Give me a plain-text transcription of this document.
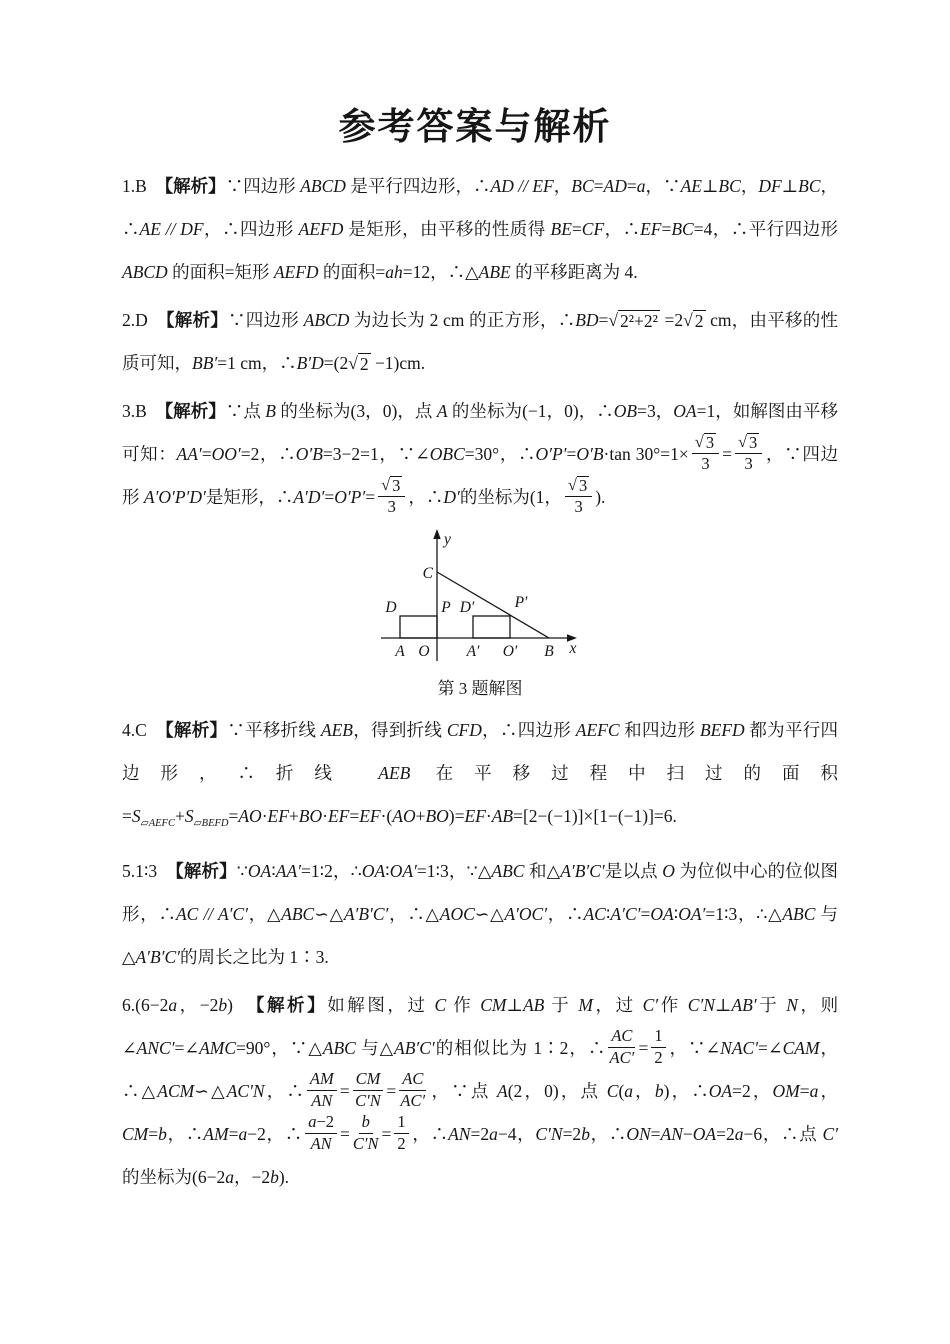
参考答案与解析

1.B　【解析】∵四边形 ABCD 是平行四边形，∴AD // EF，BC=AD=a，∵AE⊥BC，DF⊥BC，∴AE // DF，∴四边形 AEFD 是矩形，由平移的性质得 BE=CF，∴EF=BC=4，∴平行四边形 ABCD 的面积=矩形 AEFD 的面积=ah=12，∴△ABE 的平移距离为 4.

2.D　【解析】∵四边形 ABCD 为边长为 2 cm 的正方形，∴BD= √ 2²+2² =2 √ 2 cm，由平移的性质可知，BB′=1 cm，∴B′D=(2 √ 2 −1)cm.

3.B　【解析】∵点 B 的坐标为(3，0)，点 A 的坐标为(−1，0)，∴OB=3，OA=1，如解图由平移可知：AA′=OO′=2，∴O′B=3−2=1，∵∠OBC=30°，∴O′P′=O′B·tan $30^\circ=1\times \frac{√ 3}{3} = \frac{√ 3}{3}$ ，∵四边形 A′O′P′D′是矩形，∴A′D′=O′P′= $\frac{√ 3}{3}$ ，∴D′的坐标为(1， $\frac{√ 3}{3}$ ).

y
x
C
D	P D′	P′
A O A′ O′ B
第 3 题解图

4.C　【解析】∵平移折线 AEB，得到折线 CFD，∴四边形 AEFC 和四边形 BEFD 都为平行四边形，∴折线 AEB 在平移过程中扫过的面积$=S_{▱AEFC}+S_{▱BEFD}=AO\cdot EF+BO\cdot EF=EF\cdot(AO+BO)=EF\cdot AB=[2-(-1)]\times[1-(-1)]=6$.

5.1∶3　【解析】∵OA∶AA′=1∶2，∴OA∶OA′=1∶3，∵△ABC 和△A′B′C′是以点 O 为位似中心的位似图形，∴AC // A′C′，△ABC∽△A′B′C′，∴△AOC∽△A′OC′，∴AC∶A′C′=OA∶OA′=1∶3，∴△ABC 与△A′B′C′的周长之比为 1∶3.

6.(6−2a，−2b)　【解析】如解图，过 C 作 CM⊥AB 于 M，过 C′作 C′N⊥AB′于 N，则∠ANC′=∠AMC=90°，∵△ABC 与△AB′C′的相似比为 1∶2，∴ $\frac{AC}{AC'} = \frac{1}{2}$ ，∵∠NAC′=∠CAM，∴△ACM∽△AC′N，∴ $\frac{AM}{AN} = \frac{CM}{C'N} = \frac{AC}{AC'}$ ，∵点 A(2，0)，点 C(a，b)，∴OA=2，OM=a，CM=b，∴AM=a−2，∴ $\frac{a-2}{AN} = \frac{b}{C'N} = \frac{1}{2}$ ，∴AN=2a−4，C′N=2b，∴ON=AN−OA=2a−6，∴点 C′的坐标为(6−2a，−2b).
